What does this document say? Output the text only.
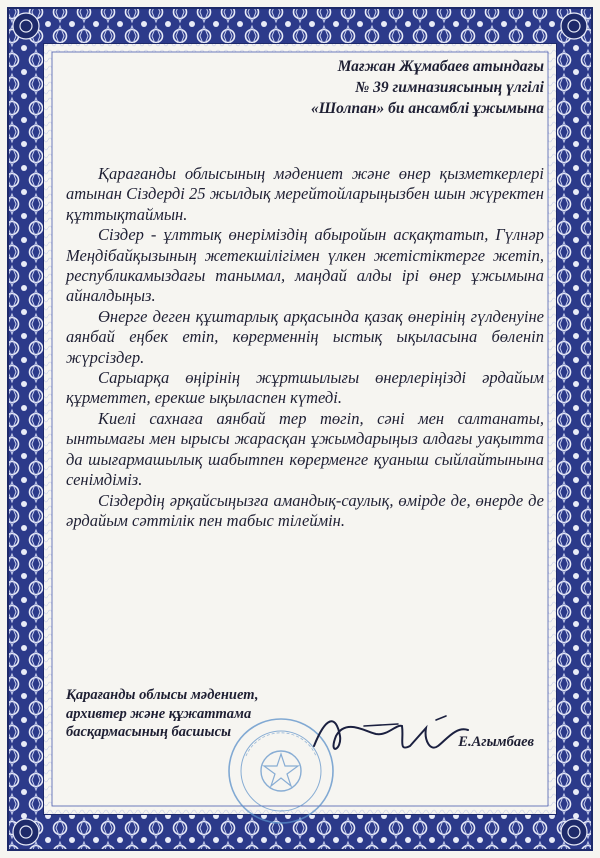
Мағжан Жұмабаев атындағы
№ 39 гимназиясының үлгілі
«Шолпан» би ансамблі ұжымына

Қарағанды облысының мәдениет және өнер қызметкерлері атынан Сіздерді 25 жылдық мерейтойларыңызбен шын жүректен құттықтаймын.

Сіздер - ұлттық өнеріміздің абыройын асқақтатып, Гүлнәр Меңдібайқызының жетекшілігімен үлкен жетістіктерге жетіп, республикамыздағы танымал, маңдай алды ірі өнер ұжымына айналдыңыз.

Өнерге деген құштарлық арқасында қазақ өнерінің гүлденуіне аянбай еңбек етіп, көрерменнің ыстық ықыласына бөленіп жүрсіздер.

Сарыарқа өңірінің жұртшылығы өнерлеріңізді әрдайым құрметтеп, ерекше ықыласпен күтеді.

Киелі сахнаға аянбай тер төгіп, сәні мен салтанаты, ынтымағы мен ырысы жарасқан ұжымдарыңыз алдағы уақытта да шығармашылық шабытпен көрерменге қуаныш сыйлайтынына сенімдіміз.

Сіздердің әрқайсыңызға амандық-саулық, өмірде де, өнерде де әрдайым сәттілік пен табыс тілеймін.

Қарағанды облысы мәдениет,
архивтер және құжаттама
басқармасының басшысы
Е.Агымбаев
